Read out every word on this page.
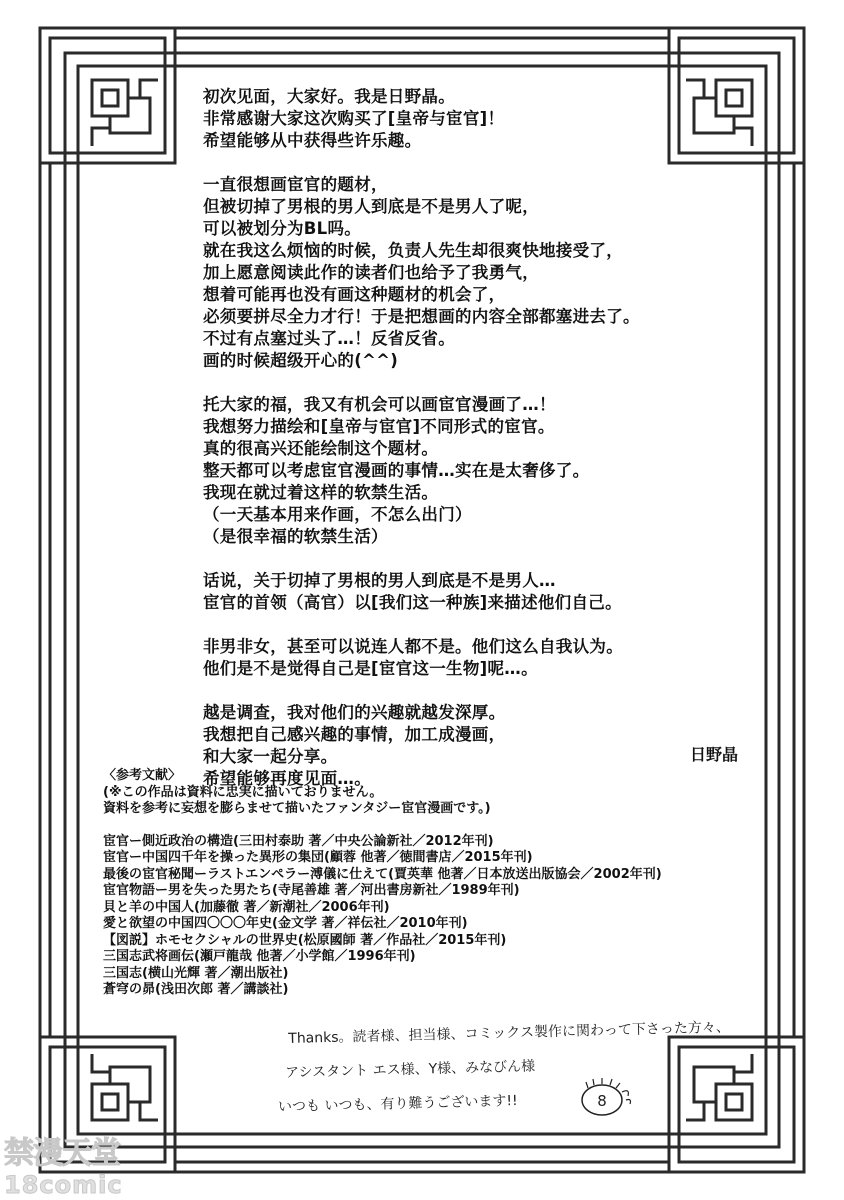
初次见面，大家好。我是日野晶。
非常感谢大家这次购买了[皇帝与宦官]！
希望能够从中获得些许乐趣。
一直很想画宦官的题材，
但被切掉了男根的男人到底是不是男人了呢，
可以被划分为BL吗。
就在我这么烦恼的时候，负责人先生却很爽快地接受了，
加上愿意阅读此作的读者们也给予了我勇气，
想着可能再也没有画这种题材的机会了，
必须要拼尽全力才行！于是把想画的内容全部都塞进去了。
不过有点塞过头了…！反省反省。
画的时候超级开心的(^^)
托大家的福，我又有机会可以画宦官漫画了…！
我想努力描绘和[皇帝与宦官]不同形式的宦官。
真的很高兴还能绘制这个题材。
整天都可以考虑宦官漫画的事情…实在是太奢侈了。
我现在就过着这样的软禁生活。
（一天基本用来作画，不怎么出门）
（是很幸福的软禁生活）
话说，关于切掉了男根的男人到底是不是男人…
宦官的首领（高官）以[我们这一种族]来描述他们自己。
非男非女，甚至可以说连人都不是。他们这么自我认为。
他们是不是觉得自己是[宦官这一生物]呢…。
越是调查，我对他们的兴趣就越发深厚。
我想把自己感兴趣的事情，加工成漫画，
和大家一起分享。
希望能够再度见面…。
日野晶
〈参考文献〉
(※この作品は資料に忠実に描いておりません。
資料を参考に妄想を膨らませて描いたファンタジー宦官漫画です。)
宦官ー側近政治の構造(三田村泰助 著／中央公論新社／2012年刊)
宦官ー中国四千年を操った異形の集団(顧蓉 他著／徳間書店／2015年刊)
最後の宦官秘聞ーラストエンペラー溥儀に仕えて(賈英華 他著／日本放送出版協会／2002年刊)
宦官物語ー男を失った男たち(寺尾善雄 著／河出書房新社／1989年刊)
貝と羊の中国人(加藤徹 著／新潮社／2006年刊)
愛と欲望の中国四〇〇〇年史(金文学 著／祥伝社／2010年刊)
【図説】ホモセクシャルの世界史(松原國師 著／作品社／2015年刊)
三国志武将画伝(瀬戸龍哉 他著／小学館／1996年刊)
三国志(横山光輝 著／潮出版社)
蒼穹の昴(浅田次郎 著／講談社)
Thanks。読者様、担当様、コミックス製作に関わって下さった方々、
アシスタント エス様、Y様、みなびん様
いつも いつも、有り難うございます!!	8
禁漫天堂
18comic
